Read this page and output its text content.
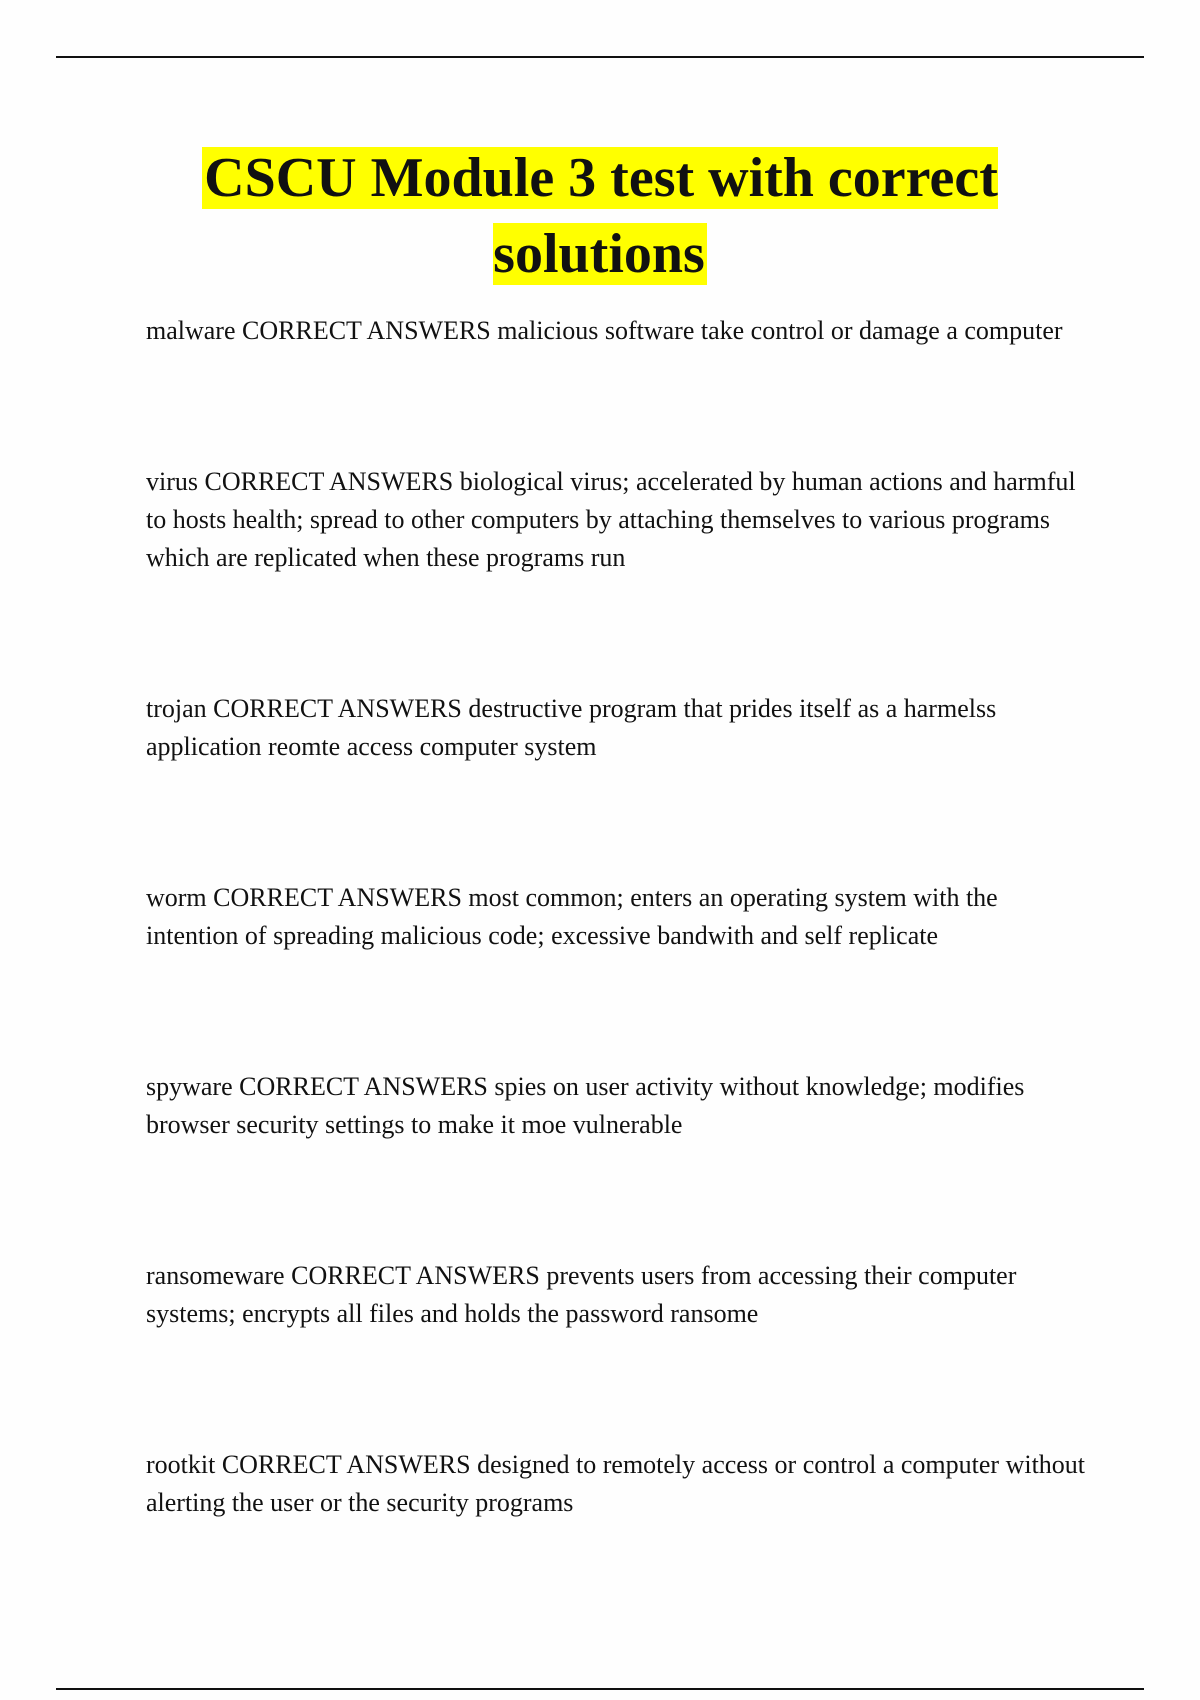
CSCU Module 3 test with correct solutions

malware CORRECT ANSWERS malicious software take control or damage a computer

virus CORRECT ANSWERS biological virus; accelerated by human actions and harmful to hosts health; spread to other computers by attaching themselves to various programs which are replicated when these programs run

trojan CORRECT ANSWERS destructive program that prides itself as a harmelss application reomte access computer system

worm CORRECT ANSWERS most common; enters an operating system with the intention of spreading malicious code; excessive bandwith and self replicate

spyware CORRECT ANSWERS spies on user activity without knowledge; modifies browser security settings to make it moe vulnerable

ransomeware CORRECT ANSWERS prevents users from accessing their computer systems; encrypts all files and holds the password ransome

rootkit CORRECT ANSWERS designed to remotely access or control a computer without alerting the user or the security programs
